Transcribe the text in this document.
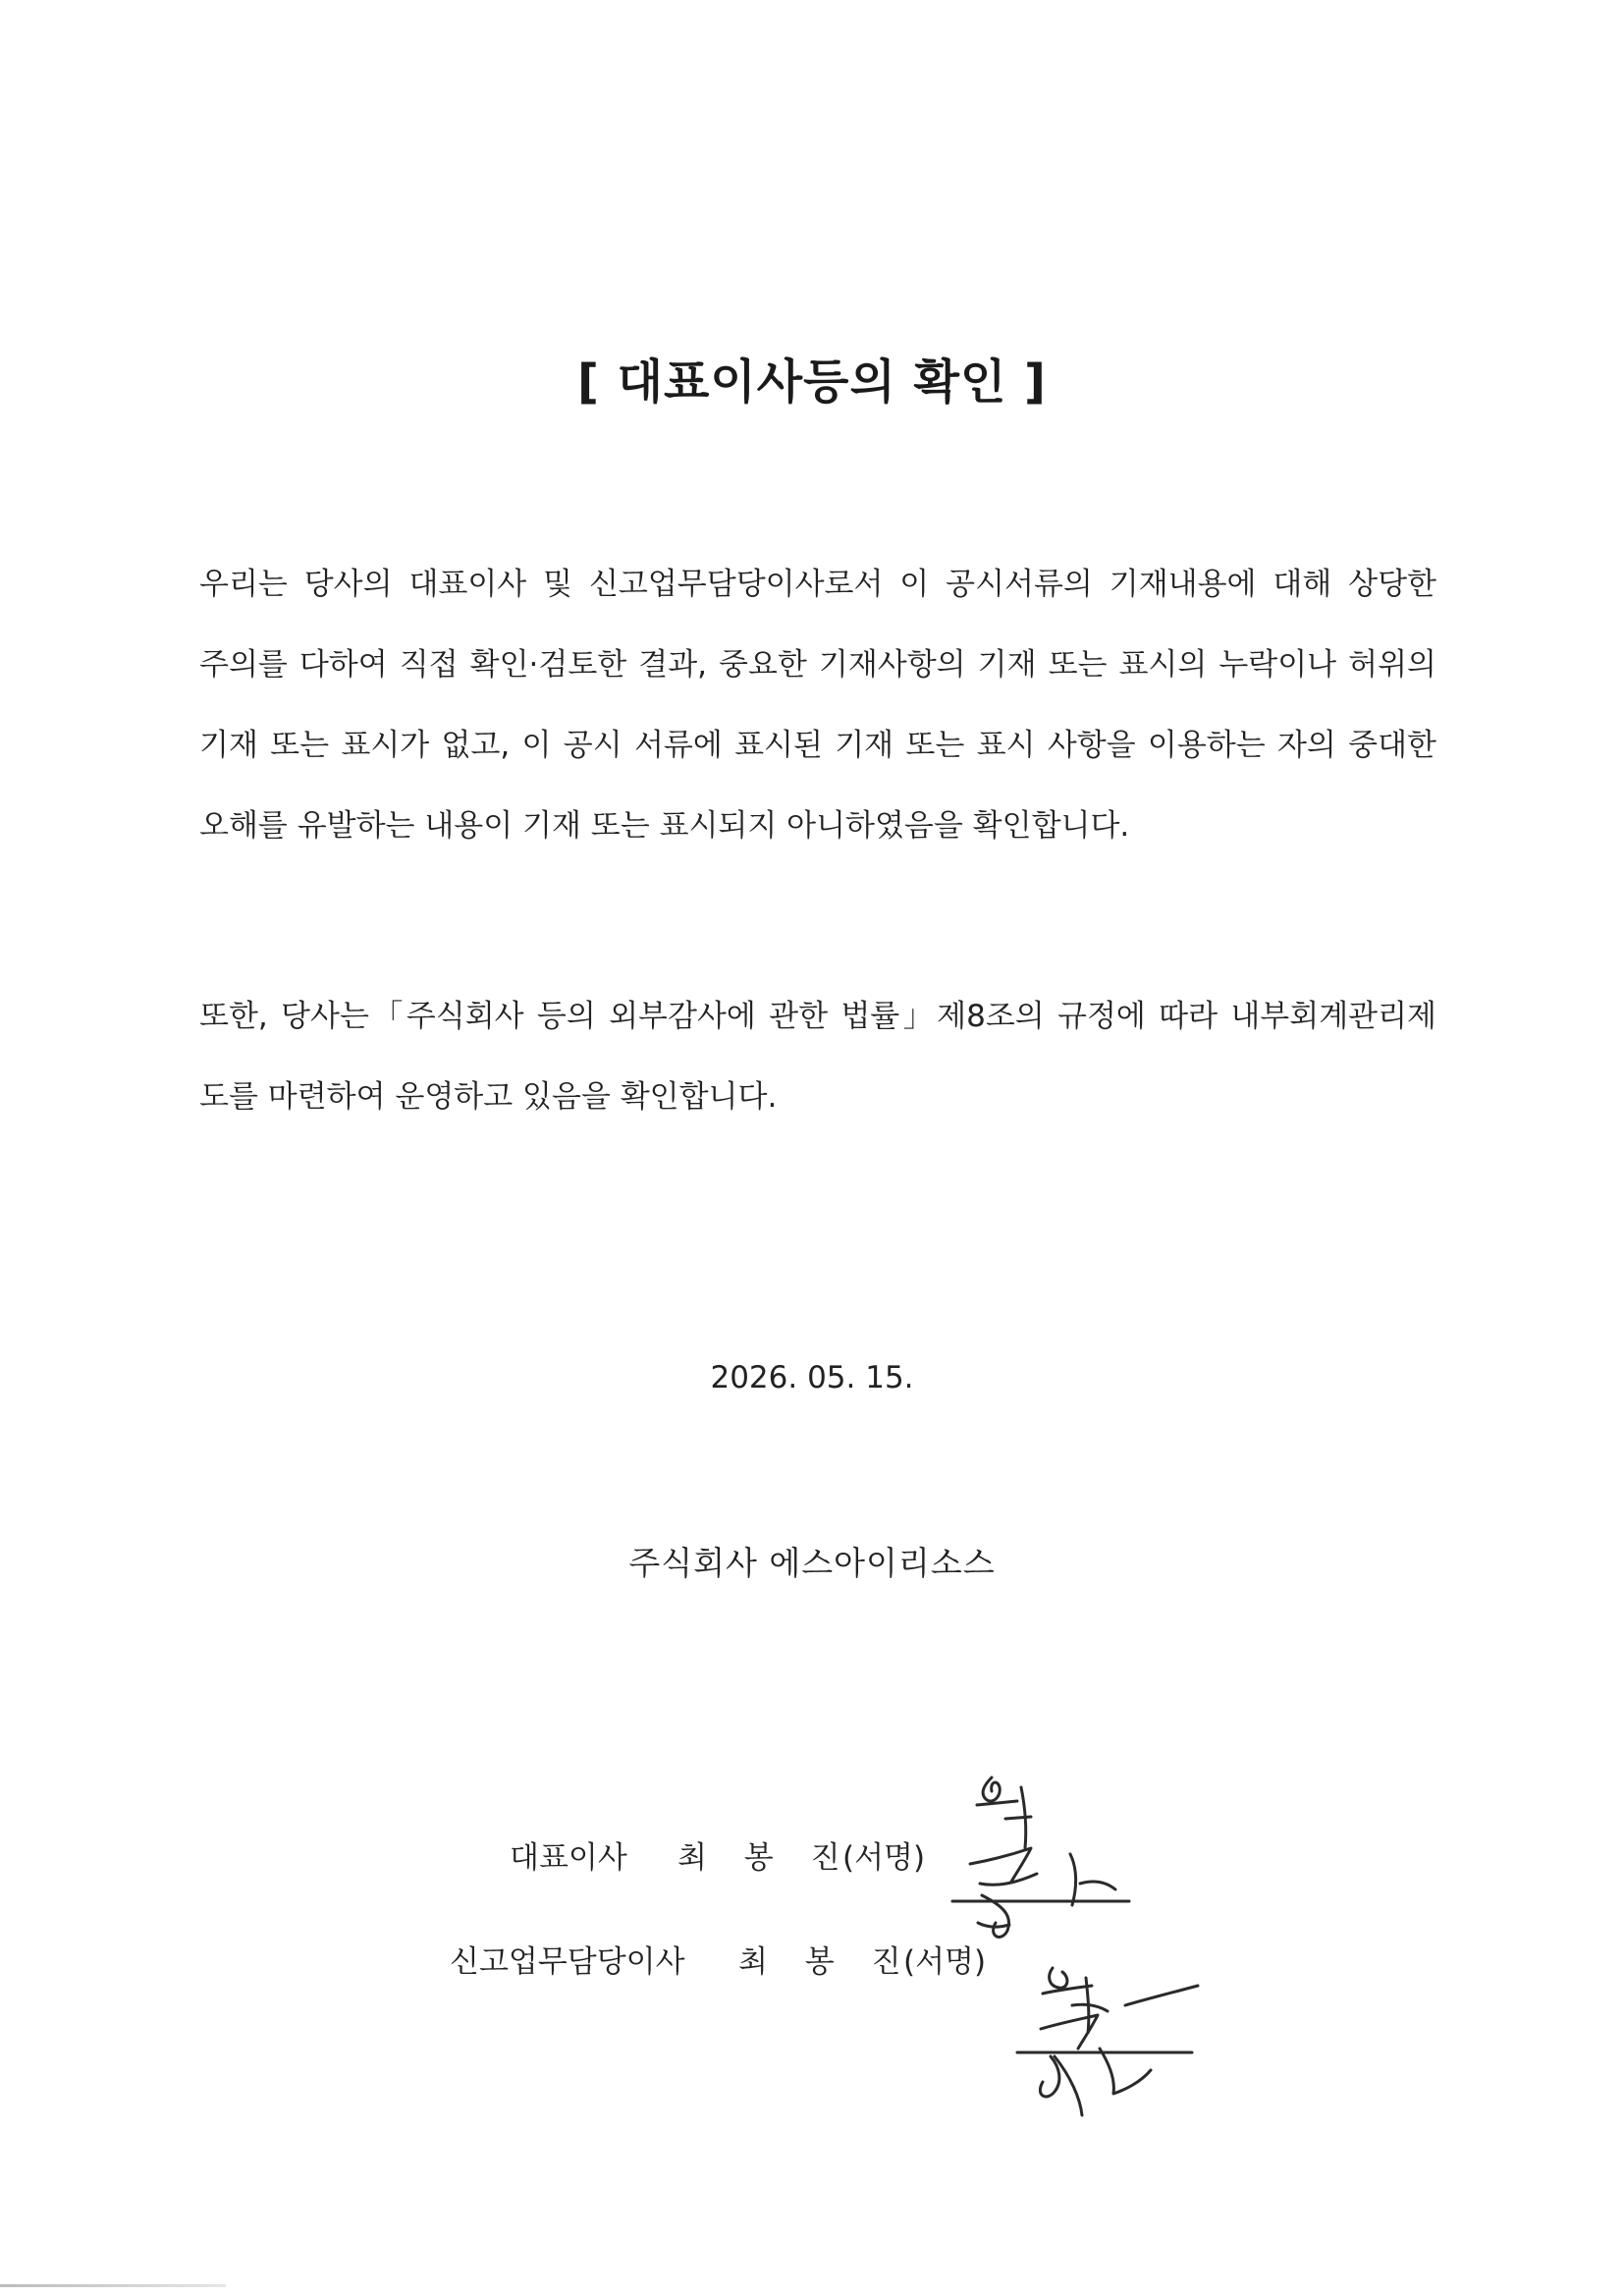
[ 대표이사등의 확인 ]
우리는 당사의 대표이사 및 신고업무담당이사로서 이 공시서류의 기재내용에 대해 상당한
주의를 다하여 직접 확인·검토한 결과, 중요한 기재사항의 기재 또는 표시의 누락이나 허위의
기재 또는 표시가 없고, 이 공시 서류에 표시된 기재 또는 표시 사항을 이용하는 자의 중대한
오해를 유발하는 내용이 기재 또는 표시되지 아니하였음을 확인합니다.
또한, 당사는「주식회사 등의 외부감사에 관한 법률」제8조의 규정에 따라 내부회계관리제
도를 마련하여 운영하고 있음을 확인합니다.
2026. 05. 15.
주식회사 에스아이리소스
대표이사 최 봉 진
(서명)
신고업무담당이사 최 봉 진
(서명)
